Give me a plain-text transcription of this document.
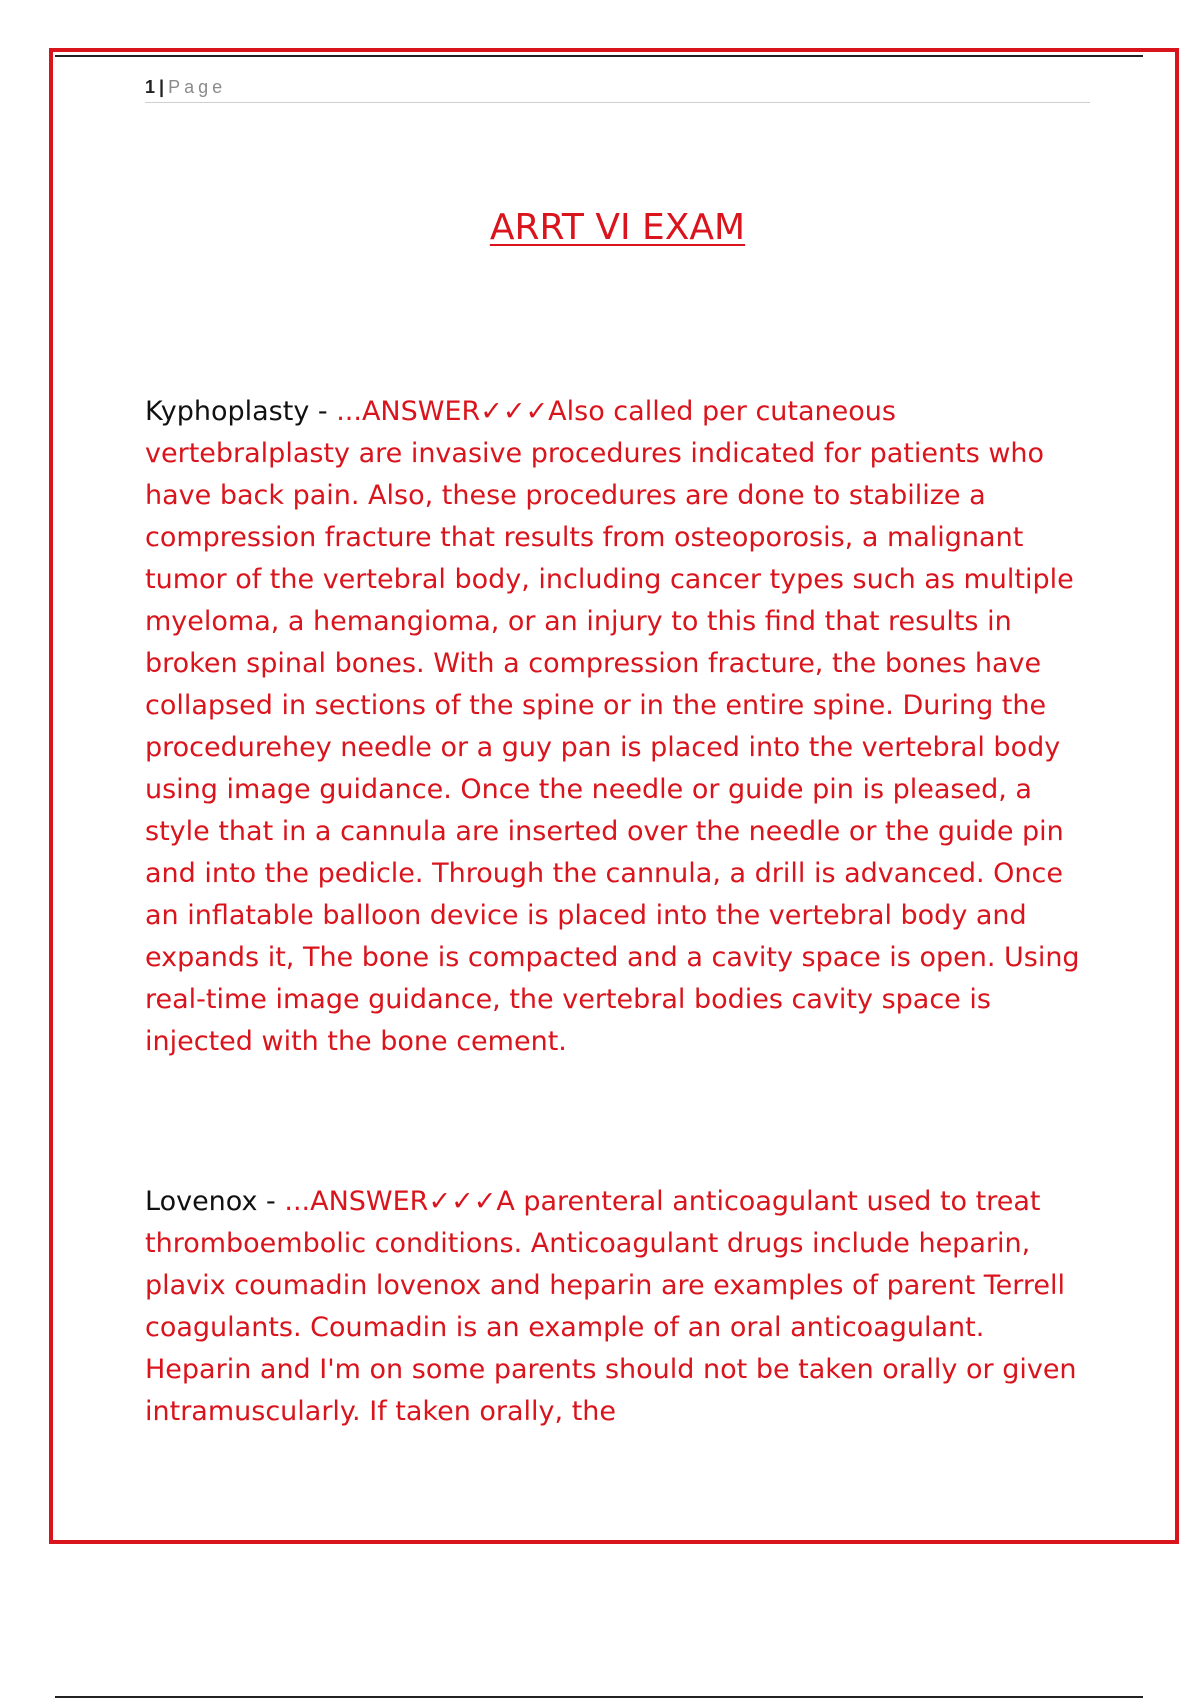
1 | Page
ARRT VI EXAM

Kyphoplasty - ...ANSWER✓✓✓Also called per cutaneous vertebralplasty are invasive procedures indicated for patients who have back pain. Also, these procedures are done to stabilize a compression fracture that results from osteoporosis, a malignant tumor of the vertebral body, including cancer types such as multiple myeloma, a hemangioma, or an injury to this find that results in broken spinal bones. With a compression fracture, the bones have collapsed in sections of the spine or in the entire spine. During the procedurehey needle or a guy pan is placed into the vertebral body using image guidance. Once the needle or guide pin is pleased, a style that in a cannula are inserted over the needle or the guide pin and into the pedicle. Through the cannula, a drill is advanced. Once an inflatable balloon device is placed into the vertebral body and expands it, The bone is compacted and a cavity space is open. Using real-time image guidance, the vertebral bodies cavity space is injected with the bone cement.

Lovenox - ...ANSWER✓✓✓A parenteral anticoagulant used to treat thromboembolic conditions. Anticoagulant drugs include heparin, plavix coumadin lovenox and heparin are examples of parent Terrell coagulants. Coumadin is an example of an oral anticoagulant. Heparin and I'm on some parents should not be taken orally or given intramuscularly. If taken orally, the
